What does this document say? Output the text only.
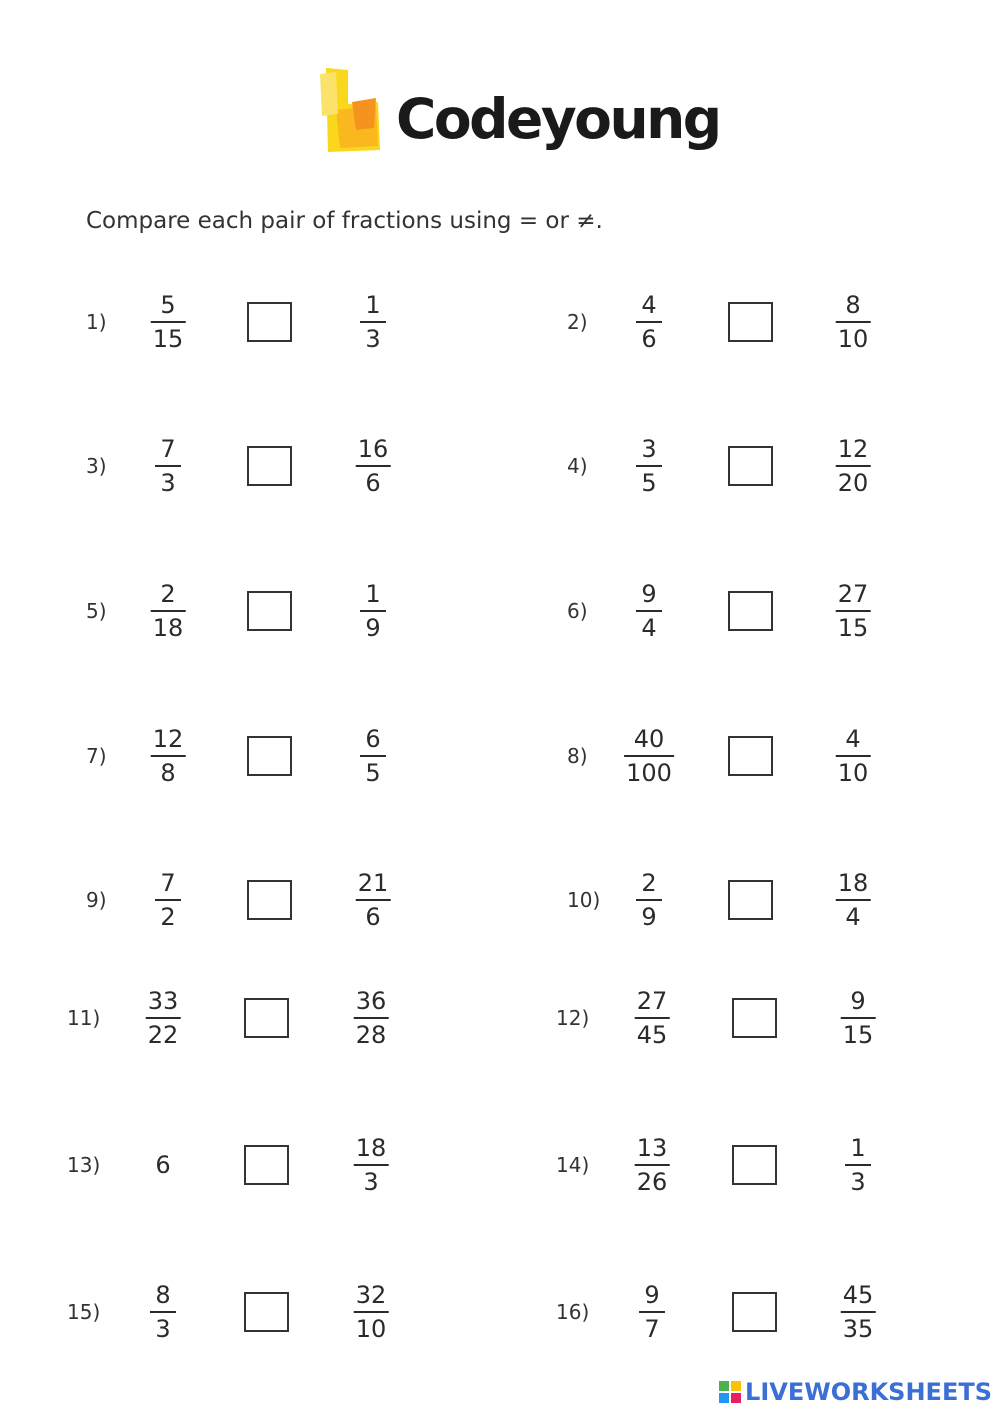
Codeyoung
Compare each pair of fractions using = or ≠.
1)
5
15
1
3
2)
4
6
8
10
3)
7
3
16
6
4)
3
5
12
20
5)
2
18
1
9
6)
9
4
27
15
7)
12
8
6
5
8)
40
100
4
10
9)
7
2
21
6
10)
2
9
18
4
11)
33
22
36
28
12)
27
45
9
15
13) 6
18
3
14)
13
26
1
3
15)
8
3
32
10
16)
9
7
45
35
LIVEWORKSHEETS
